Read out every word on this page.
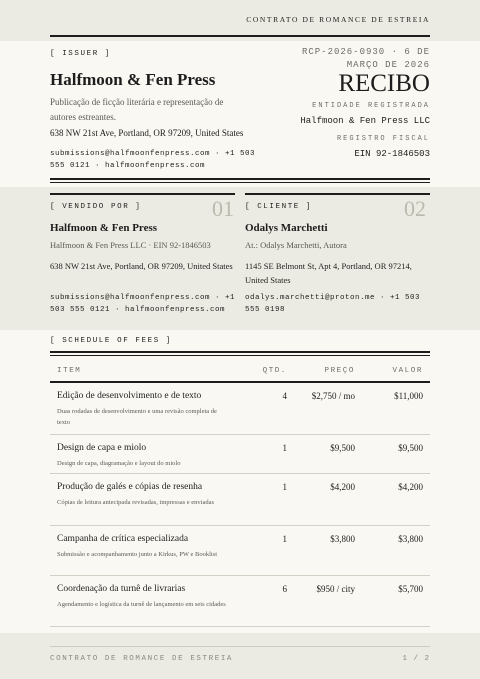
CONTRATO DE ROMANCE DE ESTREIA
[ ISSUER ]
Halfmoon & Fen Press
Publicação de ficção literária e representação de autores estreantes.
638 NW 21st Ave, Portland, OR 97209, United States
submissions@halfmoonfenpress.com · +1 503 555 0121 · halfmoonfenpress.com
RCP-2026-0930 · 6 DE MARÇO DE 2026
RECIBO
ENTIDADE REGISTRADA
Halfmoon & Fen Press LLC
REGISTRO FISCAL
EIN 92-1846503
[ VENDIDO POR ]	01
Halfmoon & Fen Press
Halfmoon & Fen Press LLC · EIN 92-1846503
638 NW 21st Ave, Portland, OR 97209, United States
submissions@halfmoonfenpress.com · +1 503 555 0121 · halfmoonfenpress.com
[ CLIENTE ]	02
Odalys Marchetti
At.: Odalys Marchetti, Autora
1145 SE Belmont St, Apt 4, Portland, OR 97214, United States
odalys.marchetti@proton.me · +1 503 555 0198
[ SCHEDULE OF FEES ]
ITEM	QTD.	PREÇO	VALOR
Edição de desenvolvimento e de texto
Duas rodadas de desenvolvimento e uma revisão completa de texto
4	$2,750 / mo	$11,000
Design de capa e miolo
Design de capa, diagramação e layout do miolo
1	$9,500	$9,500
Produção de galés e cópias de resenha
Cópias de leitura antecipada revisadas, impressas e enviadas
1	$4,200	$4,200
Campanha de crítica especializada
Submissão e acompanhamento junto a Kirkus, PW e Booklist
1	$3,800	$3,800
Coordenação da turnê de livrarias
Agendamento e logística da turnê de lançamento em seis cidades
6	$950 / city	$5,700
CONTRATO DE ROMANCE DE ESTREIA	1 / 2
